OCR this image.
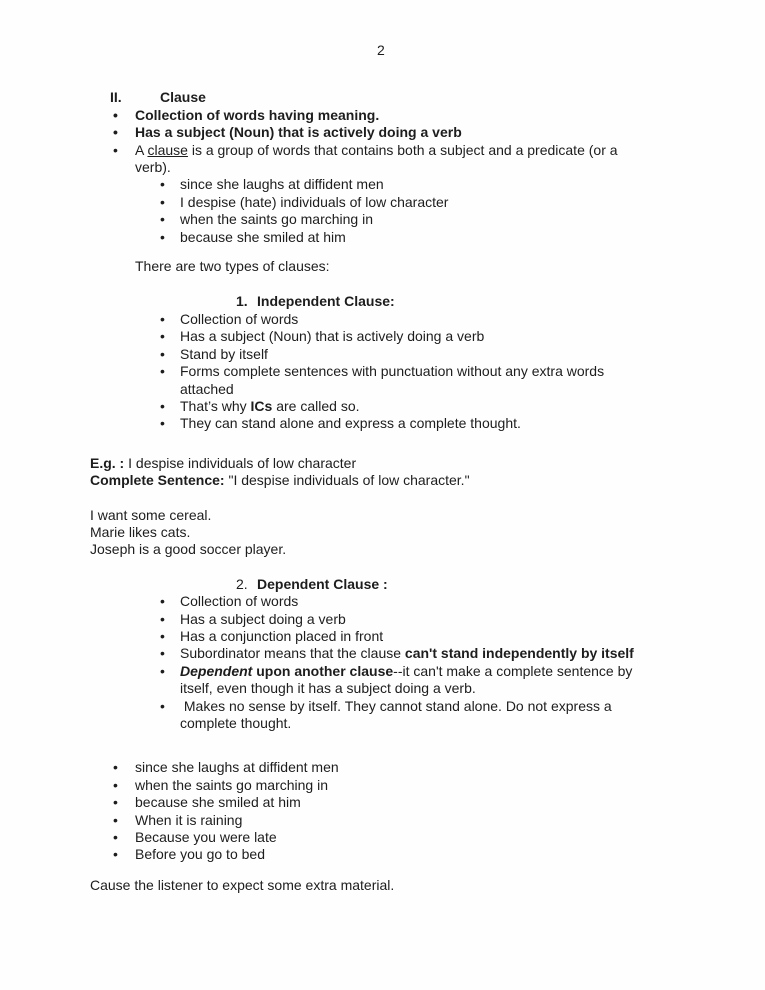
2
II.	Clause
•
Collection of words having meaning.
•
Has a subject (Noun) that is actively doing a verb
•
A clause is a group of words that contains both a subject and a predicate (or a
verb).
•
since she laughs at diffident men
•
I despise (hate) individuals of low character
•
when the saints go marching in
•
because she smiled at him
There are two types of clauses:
1. Independent Clause:
•
Collection of words
•
Has a subject (Noun) that is actively doing a verb
•
Stand by itself
•
Forms complete sentences with punctuation without any extra words
attached
•
That’s why ICs are called so.
•
They can stand alone and express a complete thought.
E.g. : I despise individuals of low character
Complete Sentence: "I despise individuals of low character."
I want some cereal.
Marie likes cats.
Joseph is a good soccer player.
2. Dependent Clause :
•
Collection of words
•
Has a subject doing a verb
•
Has a conjunction placed in front
•
Subordinator means that the clause can't stand independently by itself
•
Dependent upon another clause--it can't make a complete sentence by
itself, even though it has a subject doing a verb.
•
Makes no sense by itself. They cannot stand alone. Do not express a
complete thought.
•
since she laughs at diffident men
•
when the saints go marching in
•
because she smiled at him
•
When it is raining
•
Because you were late
•
Before you go to bed
Cause the listener to expect some extra material.
